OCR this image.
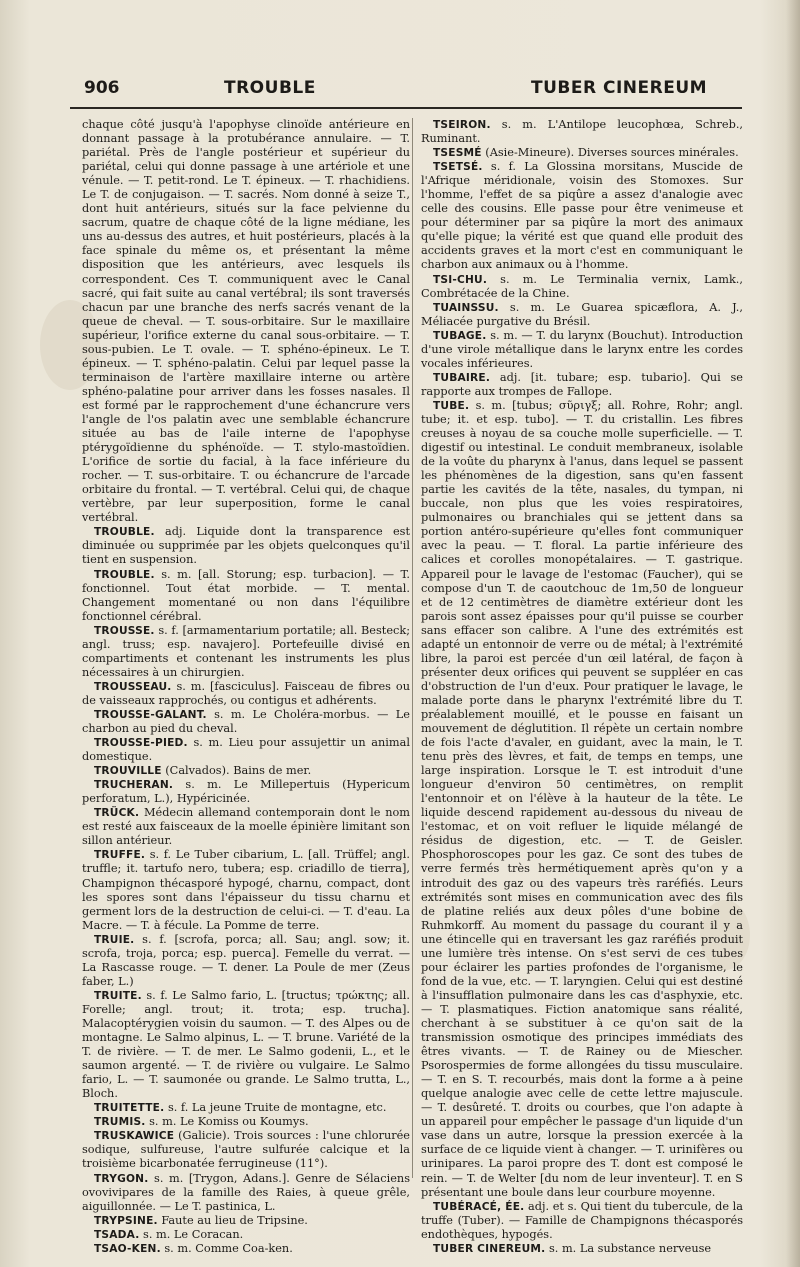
906	TROUBLE	TUBER CINEREUM

chaque côté jusqu'à l'apophyse clinoïde antérieure en donnant passage à la protubérance annulaire. — T. pariétal. Près de l'angle postérieur et supérieur du pariétal, celui qui donne passage à une artériole et une vénule. — T. petit-rond. Le T. épineux. — T. rhachidiens. Le T. de conjugaison. — T. sacrés. Nom donné à seize T., dont huit antérieurs, situés sur la face pelvienne du sacrum, quatre de chaque côté de la ligne médiane, les uns au-dessus des autres, et huit postérieurs, placés à la face spinale du même os, et présentant la même disposition que les antérieurs, avec lesquels ils correspondent. Ces T. communiquent avec le Canal sacré, qui fait suite au canal vertébral; ils sont traversés chacun par une branche des nerfs sacrés venant de la queue de cheval. — T. sous-orbitaire. Sur le maxillaire supérieur, l'orifice externe du canal sous-orbitaire. — T. sous-pubien. Le T. ovale. — T. sphéno-épineux. Le T. épineux. — T. sphéno-palatin. Celui par lequel passe la terminaison de l'artère maxillaire interne ou artère sphéno-palatine pour arriver dans les fosses nasales. Il est formé par le rapprochement d'une échancrure vers l'angle de l'os palatin avec une semblable échancrure située au bas de l'aile interne de l'apophyse ptérygoïdienne du sphénoïde. — T. stylo-mastoïdien. L'orifice de sortie du facial, à la face inférieure du rocher. — T. sus-orbitaire. T. ou échancrure de l'arcade orbitaire du frontal. — T. vertébral. Celui qui, de chaque vertèbre, par leur superposition, forme le canal vertébral.

TROUBLE. adj. Liquide dont la transparence est diminuée ou supprimée par les objets quelconques qu'il tient en suspension.

TROUBLE. s. m. [all. Storung; esp. turbacion]. — T. fonctionnel. Tout état morbide. — T. mental. Changement momentané ou non dans l'équilibre fonctionnel cérébral.

TROUSSE. s. f. [armamentarium portatile; all. Besteck; angl. truss; esp. navajero]. Portefeuille divisé en compartiments et contenant les instruments les plus nécessaires à un chirurgien.

TROUSSEAU. s. m. [fasciculus]. Faisceau de fibres ou de vaisseaux rapprochés, ou contigus et adhérents.

TROUSSE-GALANT. s. m. Le Choléra-morbus. — Le charbon au pied du cheval.

TROUSSE-PIED. s. m. Lieu pour assujettir un animal domestique.

TROUVILLE (Calvados). Bains de mer.

TRUCHERAN. s. m. Le Millepertuis (Hypericum perforatum, L.), Hypéricinée.

TRÜCK. Médecin allemand contemporain dont le nom est resté aux faisceaux de la moelle épinière limitant son sillon antérieur.

TRUFFE. s. f. Le Tuber cibarium, L. [all. Trüffel; angl. truffle; it. tartufo nero, tubera; esp. criadillo de tierra], Champignon thécasporé hypogé, charnu, compact, dont les spores sont dans l'épaisseur du tissu charnu et germent lors de la destruction de celui-ci. — T. d'eau. La Macre. — T. à fécule. La Pomme de terre.

TRUIE. s. f. [scrofa, porca; all. Sau; angl. sow; it. scrofa, troja, porca; esp. puerca]. Femelle du verrat. — La Rascasse rouge. — T. dener. La Poule de mer (Zeus faber, L.)

TRUITE. s. f. Le Salmo fario, L. [tructus; τρώκτης; all. Forelle; angl. trout; it. trota; esp. trucha]. Malacoptérygien voisin du saumon. — T. des Alpes ou de montagne. Le Salmo alpinus, L. — T. brune. Variété de la T. de rivière. — T. de mer. Le Salmo godenii, L., et le saumon argenté. — T. de rivière ou vulgaire. Le Salmo fario, L. — T. saumonée ou grande. Le Salmo trutta, L., Bloch.

TRUITETTE. s. f. La jeune Truite de montagne, etc.

TRUMIS. s. m. Le Komiss ou Koumys.

TRUSKAWICE (Galicie). Trois sources : l'une chlorurée sodique, sulfureuse, l'autre sulfurée calcique et la troisième bicarbonatée ferrugineuse (11°).

TRYGON. s. m. [Trygon, Adans.]. Genre de Sélaciens ovovivipares de la famille des Raies, à queue grêle, aiguillonnée. — Le T. pastinica, L.

TRYPSINE. Faute au lieu de Tripsine.

TSADA. s. m. Le Coracan.

TSAO-KEN. s. m. Comme Coa-ken.

TSEIRON. s. m. L'Antilope leucophœa, Schreb., Ruminant.

TSESMÉ (Asie-Mineure). Diverses sources minérales.

TSETSÉ. s. f. La Glossina morsitans, Muscide de l'Afrique méridionale, voisin des Stomoxes. Sur l'homme, l'effet de sa piqûre a assez d'analogie avec celle des cousins. Elle passe pour être venimeuse et pour déterminer par sa piqûre la mort des animaux qu'elle pique; la vérité est que quand elle produit des accidents graves et la mort c'est en communiquant le charbon aux animaux ou à l'homme.

TSI-CHU. s. m. Le Terminalia vernix, Lamk., Combrétacée de la Chine.

TUAINSSU. s. m. Le Guarea spicæflora, A. J., Méliacée purgative du Brésil.

TUBAGE. s. m. — T. du larynx (Bouchut). Introduction d'une virole métallique dans le larynx entre les cordes vocales inférieures.

TUBAIRE. adj. [it. tubare; esp. tubario]. Qui se rapporte aux trompes de Fallope.

TUBE. s. m. [tubus; σῦριγξ; all. Rohre, Rohr; angl. tube; it. et esp. tubo]. — T. du cristallin. Les fibres creuses à noyau de sa couche molle superficielle. — T. digestif ou intestinal. Le conduit membraneux, isolable de la voûte du pharynx à l'anus, dans lequel se passent les phénomènes de la digestion, sans qu'en fassent partie les cavités de la tête, nasales, du tympan, ni buccale, non plus que les voies respiratoires, pulmonaires ou branchiales qui se jettent dans sa portion antéro-supérieure qu'elles font communiquer avec la peau. — T. floral. La partie inférieure des calices et corolles monopétalaires. — T. gastrique. Appareil pour le lavage de l'estomac (Faucher), qui se compose d'un T. de caoutchouc de 1m,50 de longueur et de 12 centimètres de diamètre extérieur dont les parois sont assez épaisses pour qu'il puisse se courber sans effacer son calibre. A l'une des extrémités est adapté un entonnoir de verre ou de métal; à l'extrémité libre, la paroi est percée d'un œil latéral, de façon à présenter deux orifices qui peuvent se suppléer en cas d'obstruction de l'un d'eux. Pour pratiquer le lavage, le malade porte dans le pharynx l'extrémité libre du T. préalablement mouillé, et le pousse en faisant un mouvement de déglutition. Il répète un certain nombre de fois l'acte d'avaler, en guidant, avec la main, le T. tenu près des lèvres, et fait, de temps en temps, une large inspiration. Lorsque le T. est introduit d'une longueur d'environ 50 centimètres, on remplit l'entonnoir et on l'élève à la hauteur de la tête. Le liquide descend rapidement au-dessous du niveau de l'estomac, et on voit refluer le liquide mélangé de résidus de digestion, etc. — T. de Geisler. Phosphoroscopes pour les gaz. Ce sont des tubes de verre fermés très hermétiquement après qu'on y a introduit des gaz ou des vapeurs très raréfiés. Leurs extrémités sont mises en communication avec des fils de platine reliés aux deux pôles d'une bobine de Ruhmkorff. Au moment du passage du courant il y a une étincelle qui en traversant les gaz raréfiés produit une lumière très intense. On s'est servi de ces tubes pour éclairer les parties profondes de l'organisme, le fond de la vue, etc. — T. laryngien. Celui qui est destiné à l'insufflation pulmonaire dans les cas d'asphyxie, etc. — T. plasmatiques. Fiction anatomique sans réalité, cherchant à se substituer à ce qu'on sait de la transmission osmotique des principes immédiats des êtres vivants. — T. de Rainey ou de Miescher. Psorospermies de forme allongées du tissu musculaire. — T. en S. T. recourbés, mais dont la forme a à peine quelque analogie avec celle de cette lettre majuscule. — T. desûreté. T. droits ou courbes, que l'on adapte à un appareil pour empêcher le passage d'un liquide d'un vase dans un autre, lorsque la pression exercée à la surface de ce liquide vient à changer. — T. urinifères ou urinipares. La paroi propre des T. dont est composé le rein. — T. de Welter [du nom de leur inventeur]. T. en S présentant une boule dans leur courbure moyenne.

TUBÉRACÉ, ÉE. adj. et s. Qui tient du tubercule, de la truffe (Tuber). — Famille de Champignons thécasporés endothèques, hypogés.

TUBER CINEREUM. s. m. La substance nerveuse
